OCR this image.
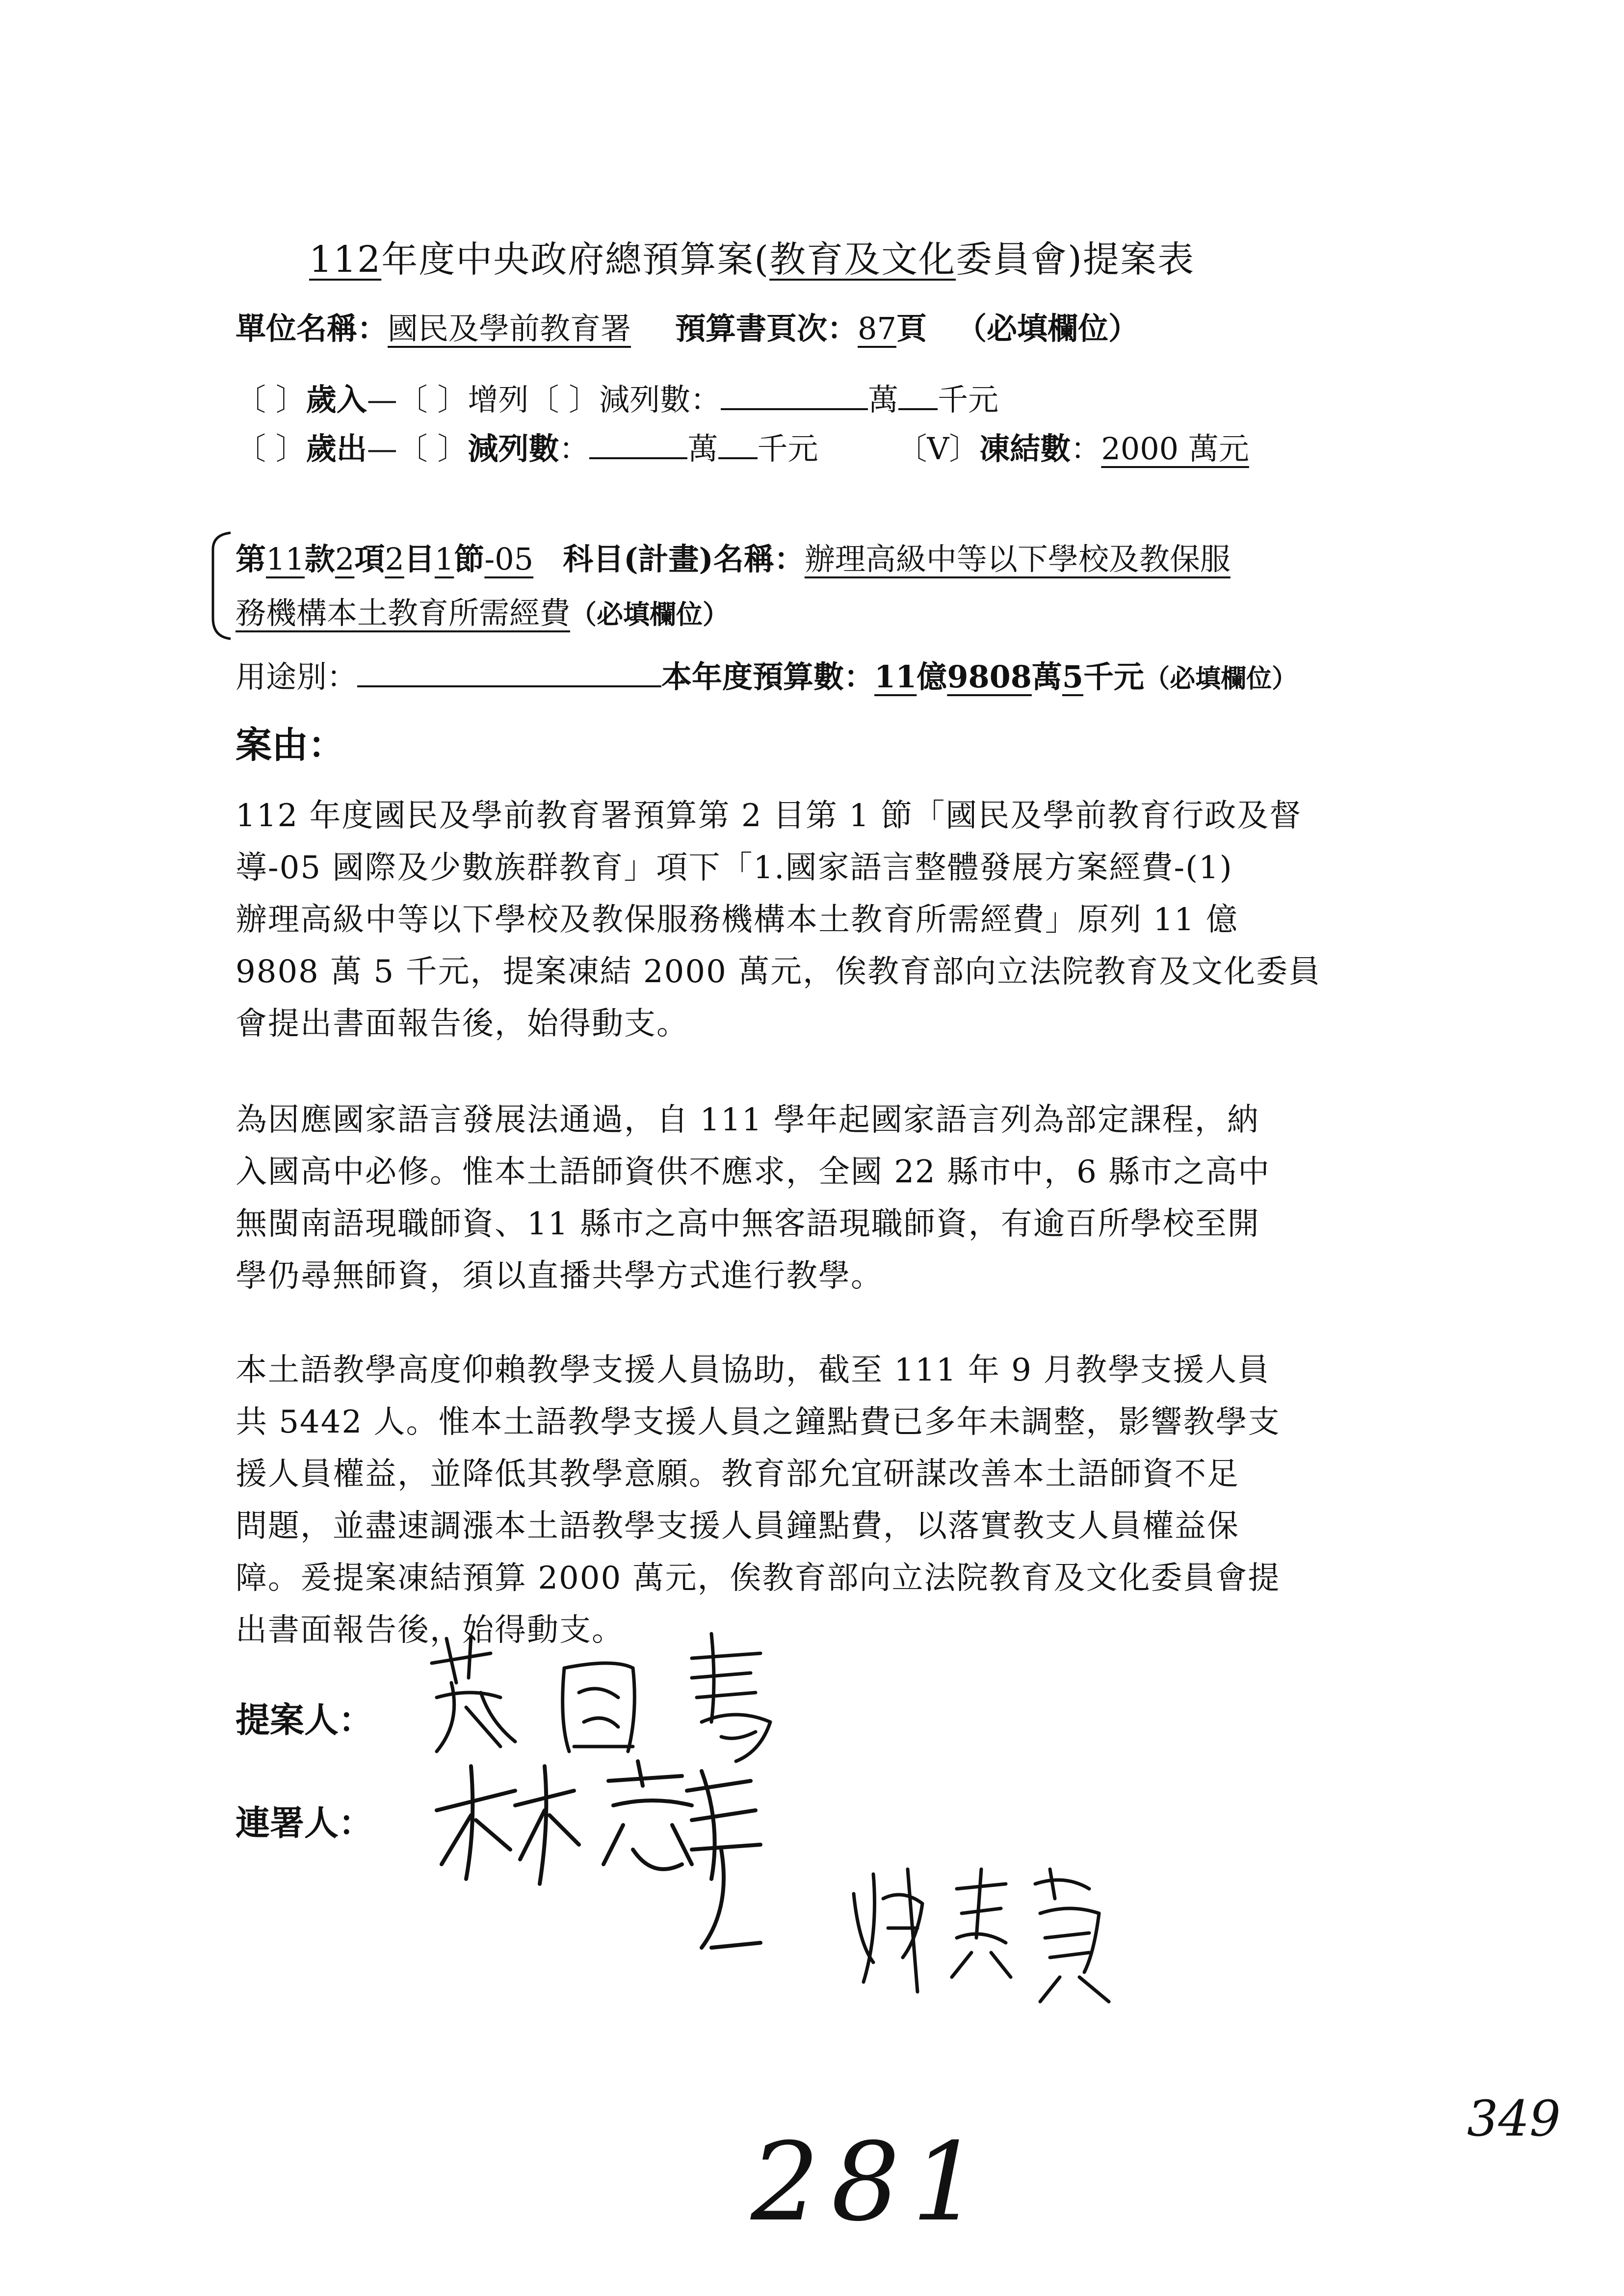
112年度中央政府總預算案(教育及文化委員會)提案表
單位名稱：國民及學前教育署 預算書頁次：87頁 （必填欄位）
〔 〕歲入—〔 〕增列〔 〕減列數：	萬 千元
〔 〕歲出—〔 〕減列數：	萬 千元	〔V〕凍結數：2000 萬元
第11款2項2目1節-05 科目(計畫)名稱：辦理高級中等以下學校及教保服
務機構本土教育所需經費（必填欄位）
用途別：	本年度預算數：11億9808萬5千元（必填欄位）
案由：
112 年度國民及學前教育署預算第 2 目第 1 節「國民及學前教育行政及督
導-05 國際及少數族群教育」項下「1.國家語言整體發展方案經費-(1)
辦理高級中等以下學校及教保服務機構本土教育所需經費」原列 11 億
9808 萬 5 千元，提案凍結 2000 萬元，俟教育部向立法院教育及文化委員
會提出書面報告後，始得動支。
為因應國家語言發展法通過，自 111 學年起國家語言列為部定課程，納
入國高中必修。惟本土語師資供不應求，全國 22 縣市中，6 縣市之高中
無閩南語現職師資、11 縣市之高中無客語現職師資，有逾百所學校至開
學仍尋無師資，須以直播共學方式進行教學。
本土語教學高度仰賴教學支援人員協助，截至 111 年 9 月教學支援人員
共 5442 人。惟本土語教學支援人員之鐘點費已多年未調整，影響教學支
援人員權益，並降低其教學意願。教育部允宜研謀改善本土語師資不足
問題，並盡速調漲本土語教學支援人員鐘點費，以落實教支人員權益保
障。爰提案凍結預算 2000 萬元，俟教育部向立法院教育及文化委員會提
出書面報告後，始得動支。
提案人：
連署人：
281
349
